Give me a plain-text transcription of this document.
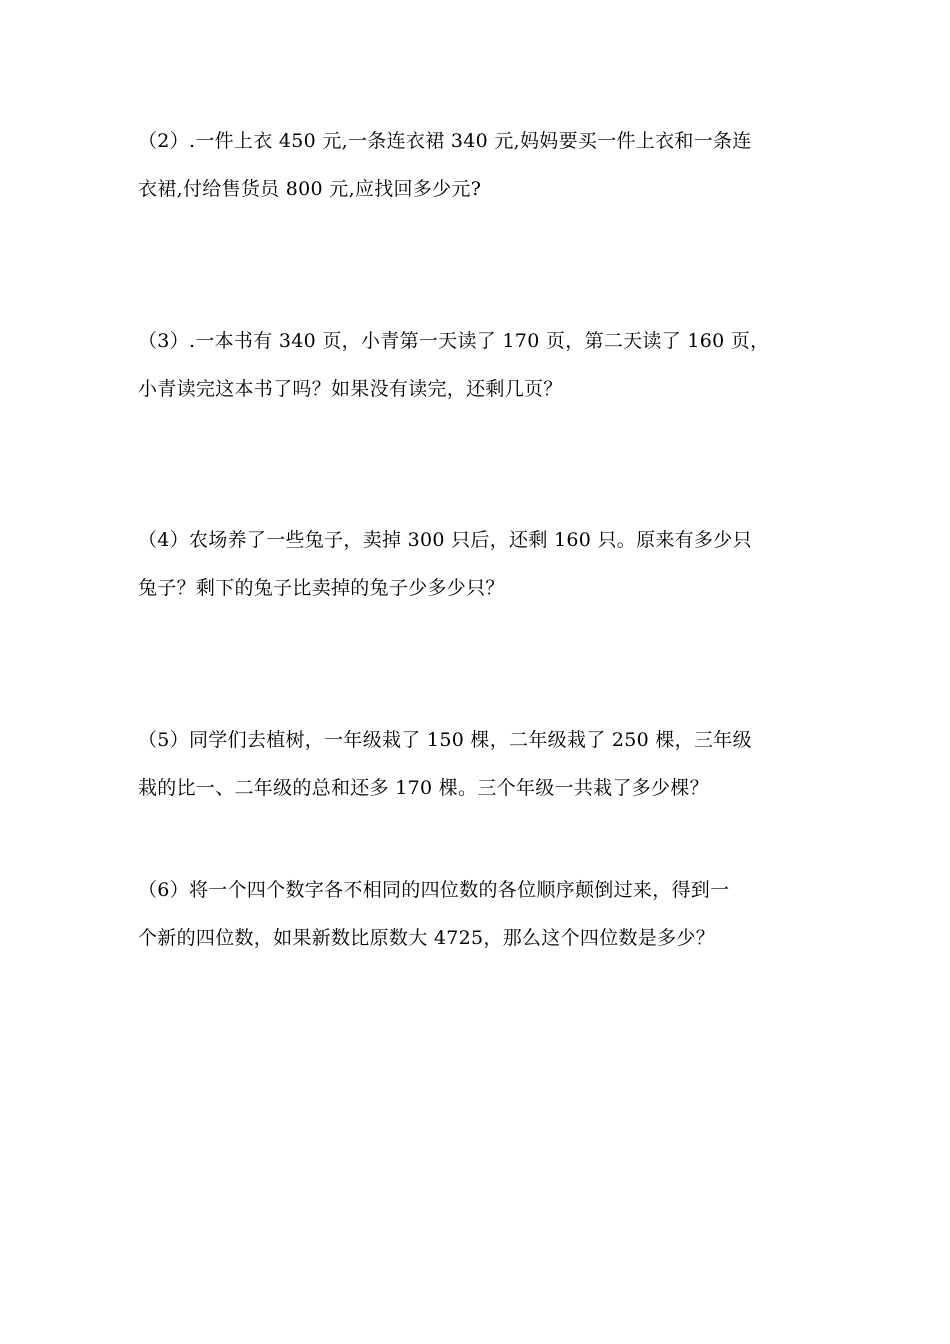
（2）.一件上衣 450 元,一条连衣裙 340 元,妈妈要买一件上衣和一条连
衣裙,付给售货员 800 元,应找回多少元?
（3）.一本书有 340 页，小青第一天读了 170 页，第二天读了 160 页，
小青读完这本书了吗？如果没有读完，还剩几页？
（4）农场养了一些兔子，卖掉 300 只后，还剩 160 只。原来有多少只
兔子？剩下的兔子比卖掉的兔子少多少只？
（5）同学们去植树，一年级栽了 150 棵，二年级栽了 250 棵，三年级
栽的比一、二年级的总和还多 170 棵。三个年级一共栽了多少棵？
（6）将一个四个数字各不相同的四位数的各位顺序颠倒过来，得到一
个新的四位数，如果新数比原数大 4725，那么这个四位数是多少？
